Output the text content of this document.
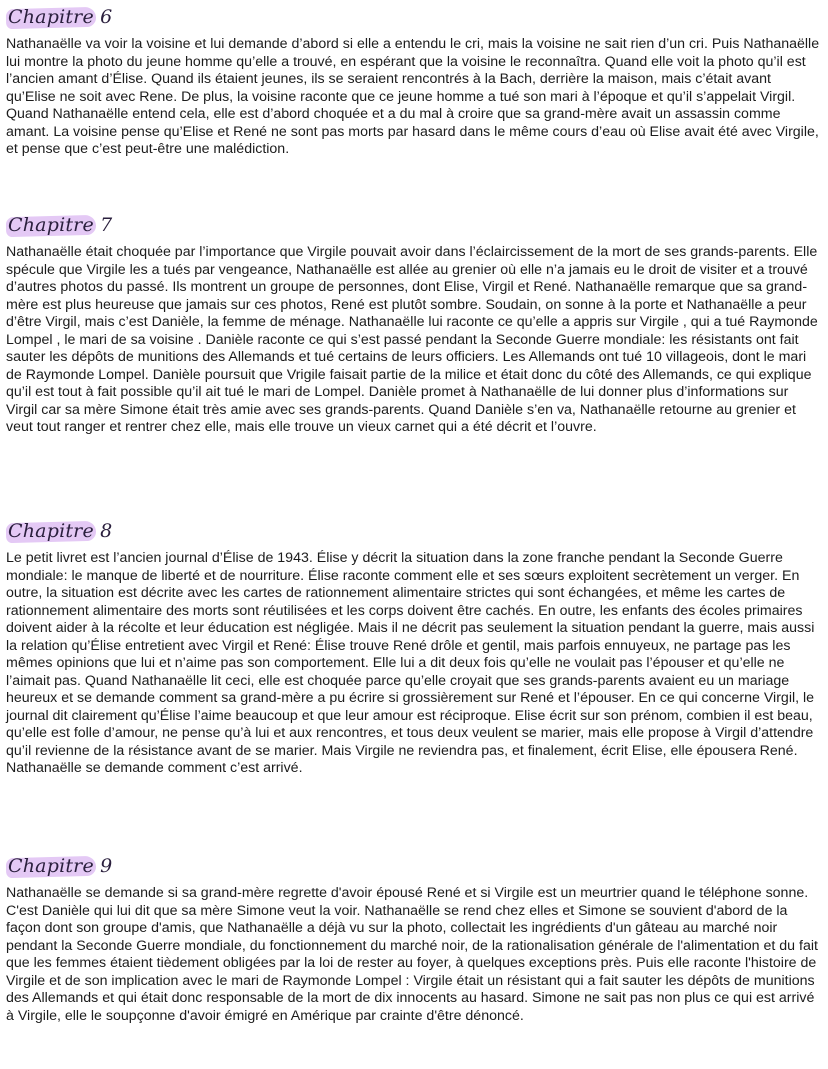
Chapitre 6

Nathanaëlle va voir la voisine et lui demande d’abord si elle a entendu le cri, mais la voisine ne sait rien d’un cri. Puis Nathanaëlle lui montre la photo du jeune homme qu’elle a trouvé, en espérant que la voisine le reconnaîtra. Quand elle voit la photo qu’il est l’ancien amant d’Élise. Quand ils étaient jeunes, ils se seraient rencontrés à la Bach, derrière la maison, mais c’était avant qu’Elise ne soit avec Rene. De plus, la voisine raconte que ce jeune homme a tué son mari à l’époque et qu’il s’appelait Virgil. Quand Nathanaëlle entend cela, elle est d’abord choquée et a du mal à croire que sa grand-mère avait un assassin comme amant. La voisine pense qu’Elise et René ne sont pas morts par hasard dans le même cours d’eau où Elise avait été avec Virgile, et pense que c’est peut-être une malédiction.

Chapitre 7

Nathanaëlle était choquée par l’importance que Virgile pouvait avoir dans l’éclaircissement de la mort de ses grands-parents. Elle spécule que Virgile les a tués par vengeance, Nathanaëlle est allée au grenier où elle n’a jamais eu le droit de visiter et a trouvé d’autres photos du passé. Ils montrent un groupe de personnes, dont Elise, Virgil et René. Nathanaëlle remarque que sa grand-mère est plus heureuse que jamais sur ces photos, René est plutôt sombre. Soudain, on sonne à la porte et Nathanaëlle a peur d’être Virgil, mais c’est Danièle, la femme de ménage. Nathanaëlle lui raconte ce qu’elle a appris sur Virgile , qui a tué Raymonde Lompel , le mari de sa voisine . Danièle raconte ce qui s’est passé pendant la Seconde Guerre mondiale: les résistants ont fait sauter les dépôts de munitions des Allemands et tué certains de leurs officiers. Les Allemands ont tué 10 villageois, dont le mari de Raymonde Lompel. Danièle poursuit que Vrigile faisait partie de la milice et était donc du côté des Allemands, ce qui explique qu’il est tout à fait possible qu’il ait tué le mari de Lompel. Danièle promet à Nathanaëlle de lui donner plus d’informations sur Virgil car sa mère Simone était très amie avec ses grands-parents. Quand Danièle s’en va, Nathanaëlle retourne au grenier et veut tout ranger et rentrer chez elle, mais elle trouve un vieux carnet qui a été décrit et l’ouvre.

Chapitre 8

Le petit livret est l’ancien journal d’Élise de 1943. Élise y décrit la situation dans la zone franche pendant la Seconde Guerre mondiale: le manque de liberté et de nourriture. Élise raconte comment elle et ses sœurs exploitent secrètement un verger. En outre, la situation est décrite avec les cartes de rationnement alimentaire strictes qui sont échangées, et même les cartes de rationnement alimentaire des morts sont réutilisées et les corps doivent être cachés. En outre, les enfants des écoles primaires doivent aider à la récolte et leur éducation est négligée. Mais il ne décrit pas seulement la situation pendant la guerre, mais aussi la relation qu’Élise entretient avec Virgil et René: Élise trouve René drôle et gentil, mais parfois ennuyeux, ne partage pas les mêmes opinions que lui et n’aime pas son comportement. Elle lui a dit deux fois qu’elle ne voulait pas l’épouser et qu’elle ne l’aimait pas. Quand Nathanaëlle lit ceci, elle est choquée parce qu’elle croyait que ses grands-parents avaient eu un mariage heureux et se demande comment sa grand-mère a pu écrire si grossièrement sur René et l’épouser. En ce qui concerne Virgil, le journal dit clairement qu’Élise l’aime beaucoup et que leur amour est réciproque. Elise écrit sur son prénom, combien il est beau, qu’elle est folle d’amour, ne pense qu’à lui et aux rencontres, et tous deux veulent se marier, mais elle propose à Virgil d’attendre qu’il revienne de la résistance avant de se marier. Mais Virgile ne reviendra pas, et finalement, écrit Elise, elle épousera René. Nathanaëlle se demande comment c’est arrivé.

Chapitre 9

Nathanaëlle se demande si sa grand-mère regrette d'avoir épousé René et si Virgile est un meurtrier quand le téléphone sonne. C'est Danièle qui lui dit que sa mère Simone veut la voir. Nathanaëlle se rend chez elles et Simone se souvient d'abord de la façon dont son groupe d'amis, que Nathanaëlle a déjà vu sur la photo, collectait les ingrédients d'un gâteau au marché noir pendant la Seconde Guerre mondiale, du fonctionnement du marché noir, de la rationalisation générale de l'alimentation et du fait que les femmes étaient tièdement obligées par la loi de rester au foyer, à quelques exceptions près. Puis elle raconte l'histoire de Virgile et de son implication avec le mari de Raymonde Lompel : Virgile était un résistant qui a fait sauter les dépôts de munitions des Allemands et qui était donc responsable de la mort de dix innocents au hasard. Simone ne sait pas non plus ce qui est arrivé à Virgile, elle le soupçonne d'avoir émigré en Amérique par crainte d'être dénoncé.
